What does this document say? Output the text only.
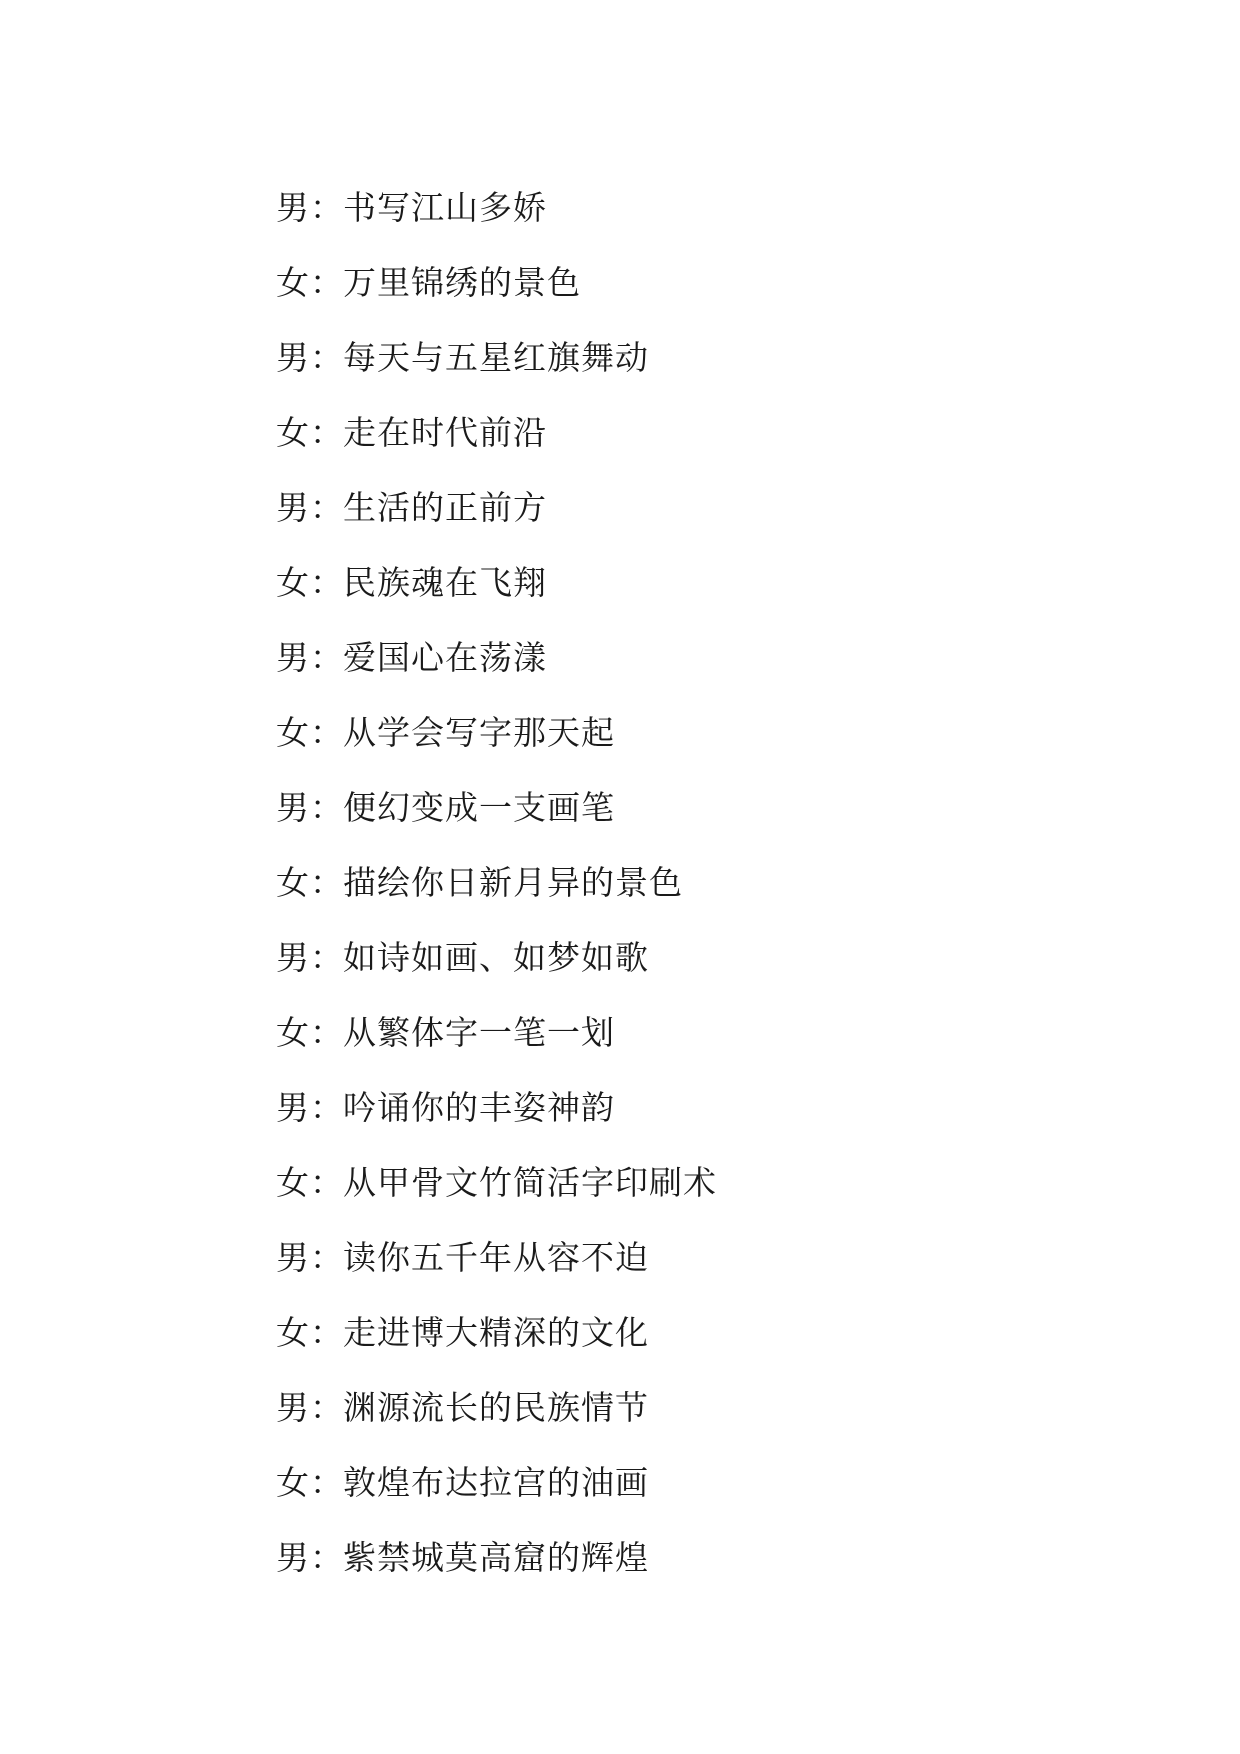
男 ： 书写江山多娇
女 ： 万里锦绣的景色
男 ： 每天与五星红旗舞动
女 ： 走在时代前沿
男 ： 生活的正前方
女 ： 民族魂在飞翔
男 ： 爱国心在荡漾
女 ： 从学会写字那天起
男 ： 便幻变成一支画笔
女 ： 描绘你日新月异的景色
男 ： 如诗如画、如梦如歌
女 ： 从繁体字一笔一划
男 ： 吟诵你的丰姿神韵
女 ： 从甲骨文竹简活字印刷术
男 ： 读你五千年从容不迫
女 ： 走进博大精深的文化
男 ： 渊源流长的民族情节
女 ： 敦煌布达拉宫的油画
男 ： 紫禁城莫高窟的辉煌
